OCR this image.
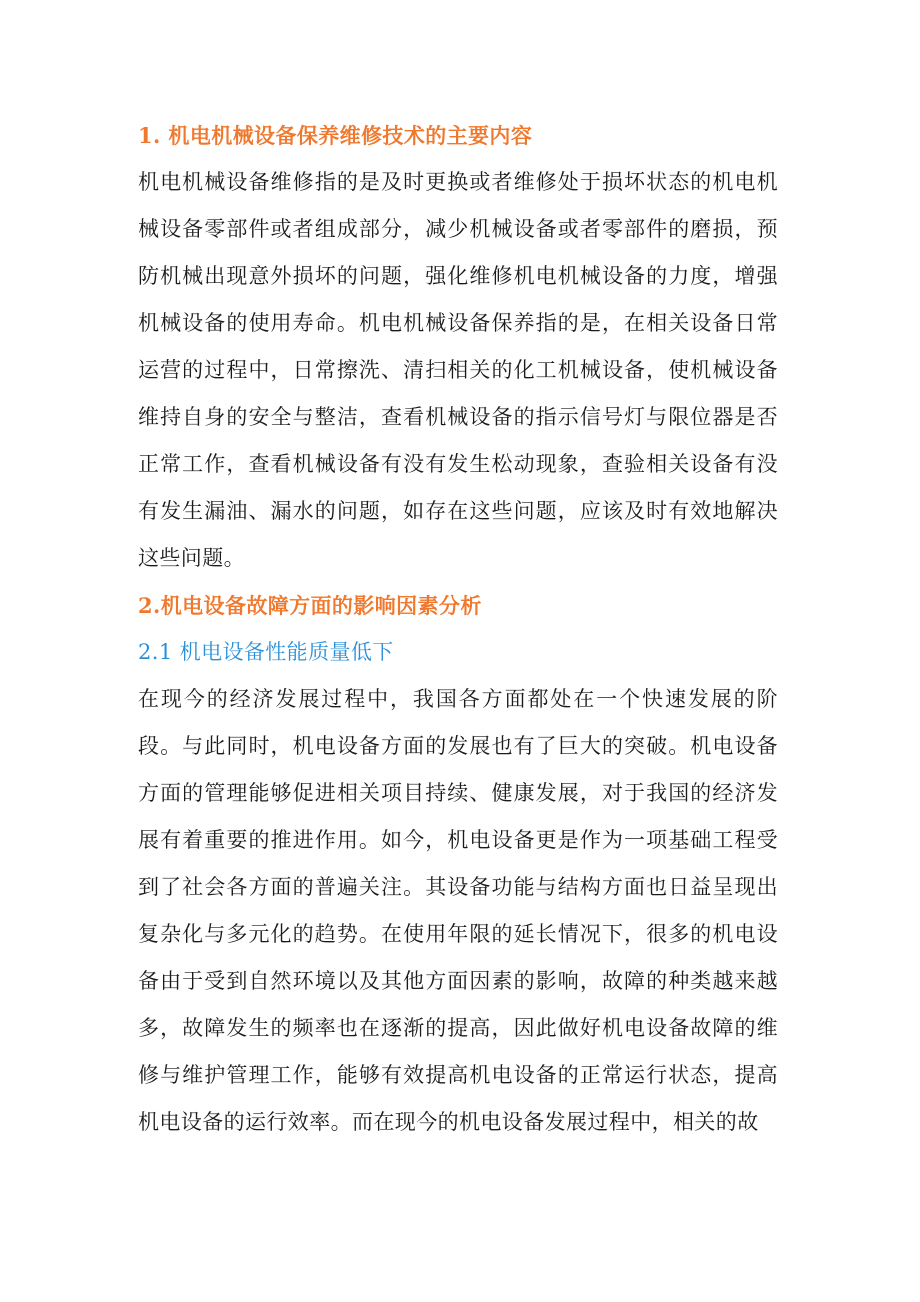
1. 机电机械设备保养维修技术的主要内容

机电机械设备维修指的是及时更换或者维修处于损坏状态的机电机械设备零部件或者组成部分，减少机械设备或者零部件的磨损，预防机械出现意外损坏的问题，强化维修机电机械设备的力度，增强机械设备的使用寿命。机电机械设备保养指的是，在相关设备日常运营的过程中，日常擦洗、清扫相关的化工机械设备，使机械设备维持自身的安全与整洁，查看机械设备的指示信号灯与限位器是否正常工作，查看机械设备有没有发生松动现象，查验相关设备有没有发生漏油、漏水的问题，如存在这些问题，应该及时有效地解决这些问题。

2.机电设备故障方面的影响因素分析
2.1 机电设备性能质量低下

在现今的经济发展过程中，我国各方面都处在一个快速发展的阶段。与此同时，机电设备方面的发展也有了巨大的突破。机电设备方面的管理能够促进相关项目持续、健康发展，对于我国的经济发展有着重要的推进作用。如今，机电设备更是作为一项基础工程受到了社会各方面的普遍关注。其设备功能与结构方面也日益呈现出复杂化与多元化的趋势。在使用年限的延长情况下，很多的机电设备由于受到自然环境以及其他方面因素的影响，故障的种类越来越多，故障发生的频率也在逐渐的提高，因此做好机电设备故障的维修与维护管理工作，能够有效提高机电设备的正常运行状态，提高机电设备的运行效率。而在现今的机电设备发展过程中，相关的故
